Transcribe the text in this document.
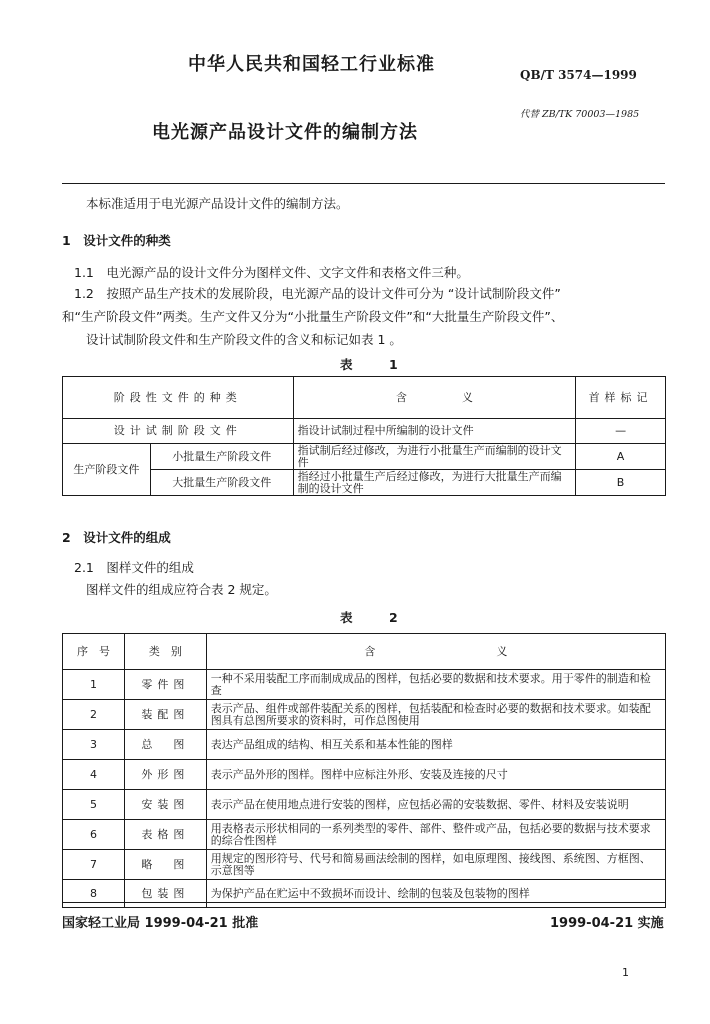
中华人民共和国轻工行业标准	QB/T 3574—1999
代替 ZB/TK 70003—1985
电光源产品设计文件的编制方法
本标准适用于电光源产品设计文件的编制方法。
1　设计文件的种类
1.1　电光源产品的设计文件分为图样文件、文字文件和表格文件三种。
1.2　按照产品生产技术的发展阶段，电光源产品的设计文件可分为 “设计试制阶段文件”
和“生产阶段文件”两类。生产文件又分为“小批量生产阶段文件”和“大批量生产阶段文件”、
设计试制阶段文件和生产阶段文件的含义和标记如表 1 。
表　1
阶段性文件的种类		含　　　　　义	首样标记
设计试制阶段文件		指设计试制过程中所编制的设计文件	—
生产阶段文件	小批量生产阶段文件	指试制后经过修改，为进行小批量生产而编制的设计文件	A
	大批量生产阶段文件	指经过小批量生产后经过修改，为进行大批量生产而编制的设计文件	B
2　设计文件的组成
2.1　图样文件的组成
图样文件的组成应符合表 2 规定。
表　2
序　号	类　别	含　　　　　　　　　　　义
1	零件图	一种不采用装配工序而制成成品的图样，包括必要的数据和技术要求。用于零件的制造和检查
2	装配图	表示产品、组件或部件装配关系的图样，包括装配和检查时必要的数据和技术要求。如装配图具有总图所要求的资料时，可作总图使用
3	总　图	表达产品组成的结构、相互关系和基本性能的图样
4	外形图	表示产品外形的图样。图样中应标注外形、安装及连接的尺寸
5	安装图	表示产品在使用地点进行安装的图样，应包括必需的安装数据、零件、材料及安装说明
6	表格图	用表格表示形状相同的一系列类型的零件、部件、整件或产品，包括必要的数据与技术要求的综合性图样
7	略　图	用规定的图形符号、代号和简易画法绘制的图样，如电原理图、接线图、系统图、方框图、示意图等
8	包装图	为保护产品在贮运中不致损坏而设计、绘制的包装及包装物的图样
国家轻工业局 1999-04-21 批准	1999-04-21 实施
1
